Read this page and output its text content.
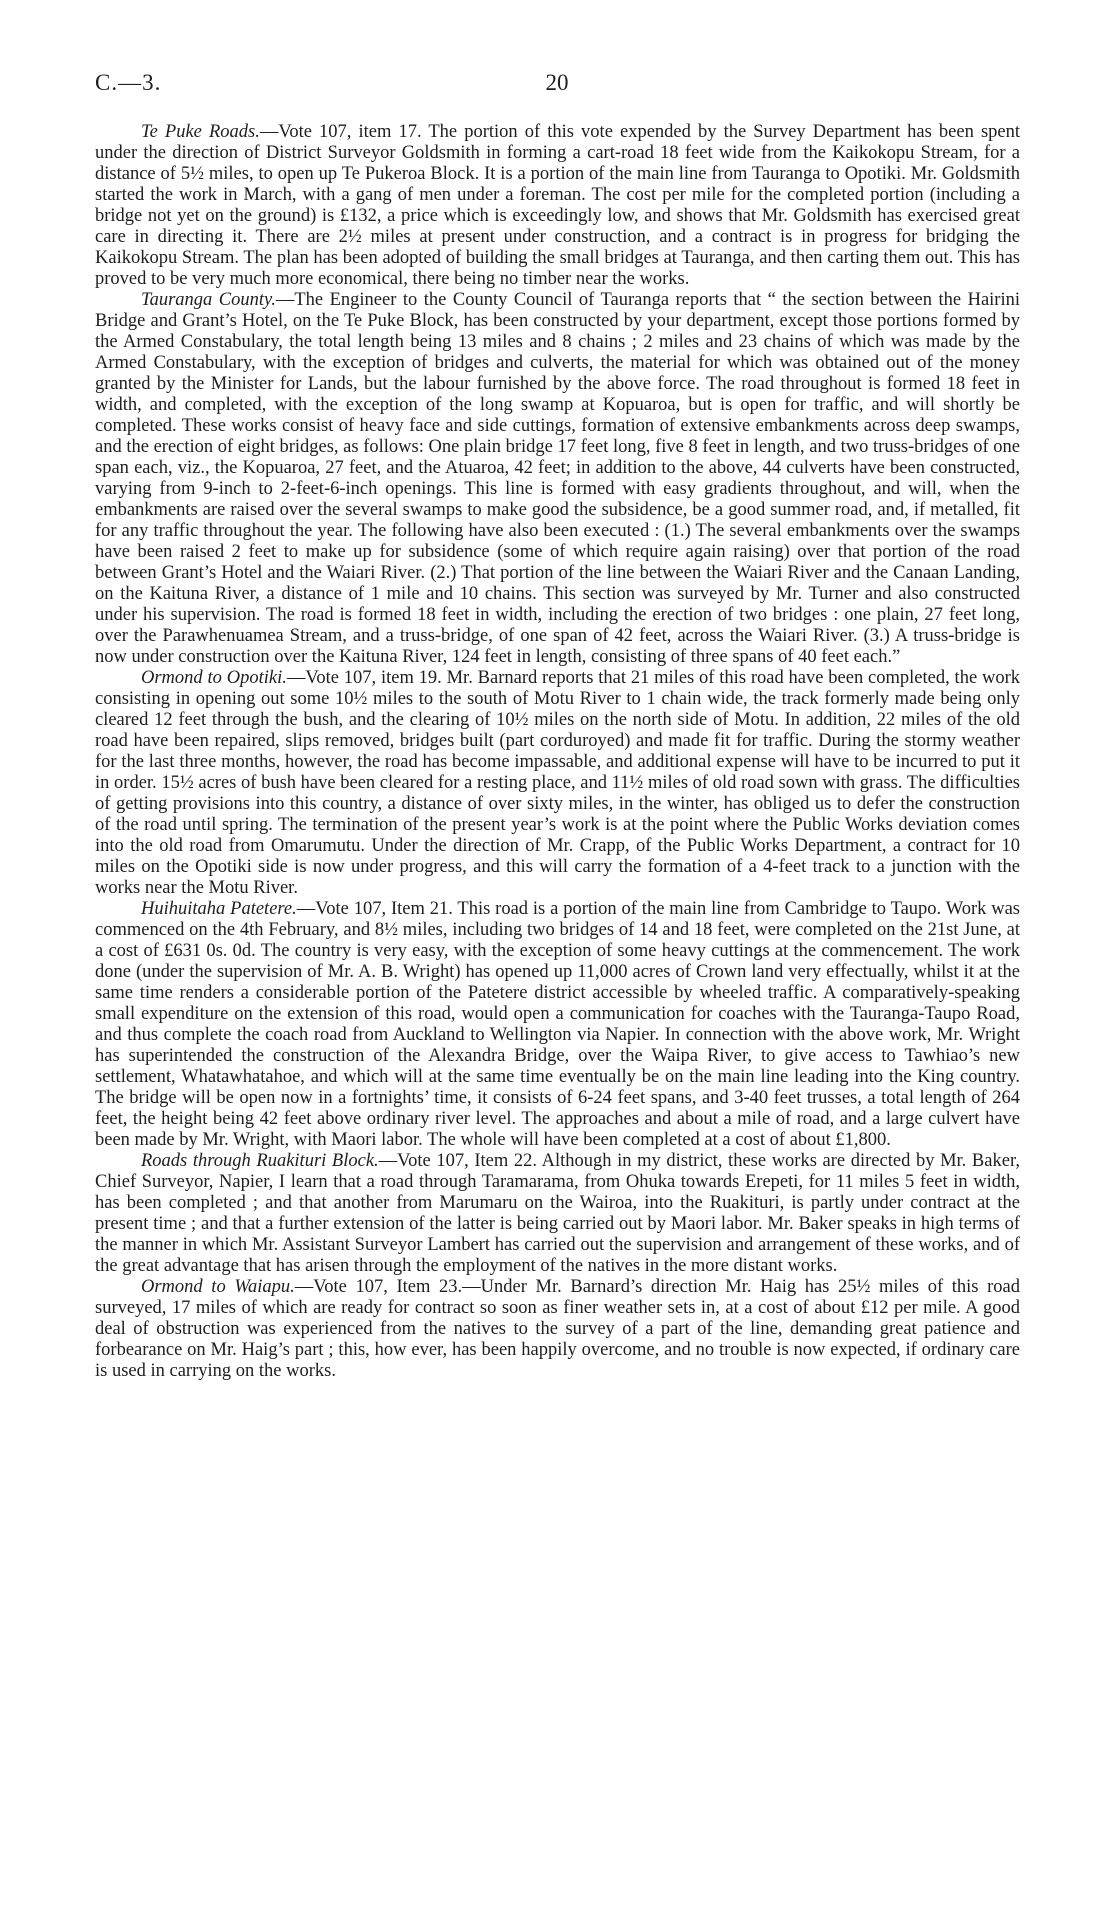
C.—3.	20

Te Puke Roads.—Vote 107, item 17. The portion of this vote expended by the Survey Department has been spent under the direction of District Surveyor Goldsmith in forming a cart-road 18 feet wide from the Kaikokopu Stream, for a distance of 5½ miles, to open up Te Pukeroa Block. It is a portion of the main line from Tauranga to Opotiki. Mr. Goldsmith started the work in March, with a gang of men under a foreman. The cost per mile for the completed portion (including a bridge not yet on the ground) is £132, a price which is exceedingly low, and shows that Mr. Goldsmith has exercised great care in directing it. There are 2½ miles at present under construction, and a contract is in progress for bridging the Kaikokopu Stream. The plan has been adopted of building the small bridges at Tauranga, and then carting them out. This has proved to be very much more economical, there being no timber near the works.

Tauranga County.—The Engineer to the County Council of Tauranga reports that “ the section between the Hairini Bridge and Grant’s Hotel, on the Te Puke Block, has been constructed by your department, except those portions formed by the Armed Constabulary, the total length being 13 miles and 8 chains ; 2 miles and 23 chains of which was made by the Armed Constabulary, with the exception of bridges and culverts, the material for which was obtained out of the money granted by the Minister for Lands, but the labour furnished by the above force. The road throughout is formed 18 feet in width, and completed, with the exception of the long swamp at Kopuaroa, but is open for traffic, and will shortly be completed. These works consist of heavy face and side cuttings, formation of extensive embankments across deep swamps, and the erection of eight bridges, as follows: One plain bridge 17 feet long, five 8 feet in length, and two truss-bridges of one span each, viz., the Kopuaroa, 27 feet, and the Atuaroa, 42 feet; in addition to the above, 44 culverts have been constructed, varying from 9-inch to 2-feet-6-inch openings. This line is formed with easy gradients throughout, and will, when the embankments are raised over the several swamps to make good the subsidence, be a good summer road, and, if metalled, fit for any traffic throughout the year. The following have also been executed : (1.) The several embankments over the swamps have been raised 2 feet to make up for subsidence (some of which require again raising) over that portion of the road between Grant’s Hotel and the Waiari River. (2.) That portion of the line between the Waiari River and the Canaan Landing, on the Kaituna River, a distance of 1 mile and 10 chains. This section was surveyed by Mr. Turner and also constructed under his supervision. The road is formed 18 feet in width, including the erection of two bridges : one plain, 27 feet long, over the Parawhenuamea Stream, and a truss-bridge, of one span of 42 feet, across the Waiari River. (3.) A truss-bridge is now under construction over the Kaituna River, 124 feet in length, consisting of three spans of 40 feet each.”

Ormond to Opotiki.—Vote 107, item 19. Mr. Barnard reports that 21 miles of this road have been completed, the work consisting in opening out some 10½ miles to the south of Motu River to 1 chain wide, the track formerly made being only cleared 12 feet through the bush, and the clearing of 10½ miles on the north side of Motu. In addition, 22 miles of the old road have been repaired, slips removed, bridges built (part corduroyed) and made fit for traffic. During the stormy weather for the last three months, however, the road has become impassable, and additional expense will have to be incurred to put it in order. 15½ acres of bush have been cleared for a resting place, and 11½ miles of old road sown with grass. The difficulties of getting provisions into this country, a distance of over sixty miles, in the winter, has obliged us to defer the construction of the road until spring. The termination of the present year’s work is at the point where the Public Works deviation comes into the old road from Omarumutu. Under the direction of Mr. Crapp, of the Public Works Department, a contract for 10 miles on the Opotiki side is now under progress, and this will carry the formation of a 4-feet track to a junction with the works near the Motu River.

Huihuitaha Patetere.—Vote 107, Item 21. This road is a portion of the main line from Cambridge to Taupo. Work was commenced on the 4th February, and 8½ miles, including two bridges of 14 and 18 feet, were completed on the 21st June, at a cost of £631 0s. 0d. The country is very easy, with the exception of some heavy cuttings at the commencement. The work done (under the supervision of Mr. A. B. Wright) has opened up 11,000 acres of Crown land very effectually, whilst it at the same time renders a considerable portion of the Patetere district accessible by wheeled traffic. A comparatively-speaking small expenditure on the extension of this road, would open a communication for coaches with the Tauranga-Taupo Road, and thus complete the coach road from Auckland to Wellington via Napier. In connection with the above work, Mr. Wright has superintended the construction of the Alexandra Bridge, over the Waipa River, to give access to Tawhiao’s new settlement, Whatawhatahoe, and which will at the same time eventually be on the main line leading into the King country. The bridge will be open now in a fortnights’ time, it consists of 6-24 feet spans, and 3-40 feet trusses, a total length of 264 feet, the height being 42 feet above ordinary river level. The approaches and about a mile of road, and a large culvert have been made by Mr. Wright, with Maori labor. The whole will have been completed at a cost of about £1,800.

Roads through Ruakituri Block.—Vote 107, Item 22. Although in my district, these works are directed by Mr. Baker, Chief Surveyor, Napier, I learn that a road through Taramarama, from Ohuka towards Erepeti, for 11 miles 5 feet in width, has been completed ; and that another from Marumaru on the Wairoa, into the Ruakituri, is partly under contract at the present time ; and that a further extension of the latter is being carried out by Maori labor. Mr. Baker speaks in high terms of the manner in which Mr. Assistant Surveyor Lambert has carried out the supervision and arrangement of these works, and of the great advantage that has arisen through the employment of the natives in the more distant works.

Ormond to Waiapu.—Vote 107, Item 23.—Under Mr. Barnard’s direction Mr. Haig has 25½ miles of this road surveyed, 17 miles of which are ready for contract so soon as finer weather sets in, at a cost of about £12 per mile. A good deal of obstruction was experienced from the natives to the survey of a part of the line, demanding great patience and forbearance on Mr. Haig’s part ; this, how ever, has been happily overcome, and no trouble is now expected, if ordinary care is used in carrying on the works.
